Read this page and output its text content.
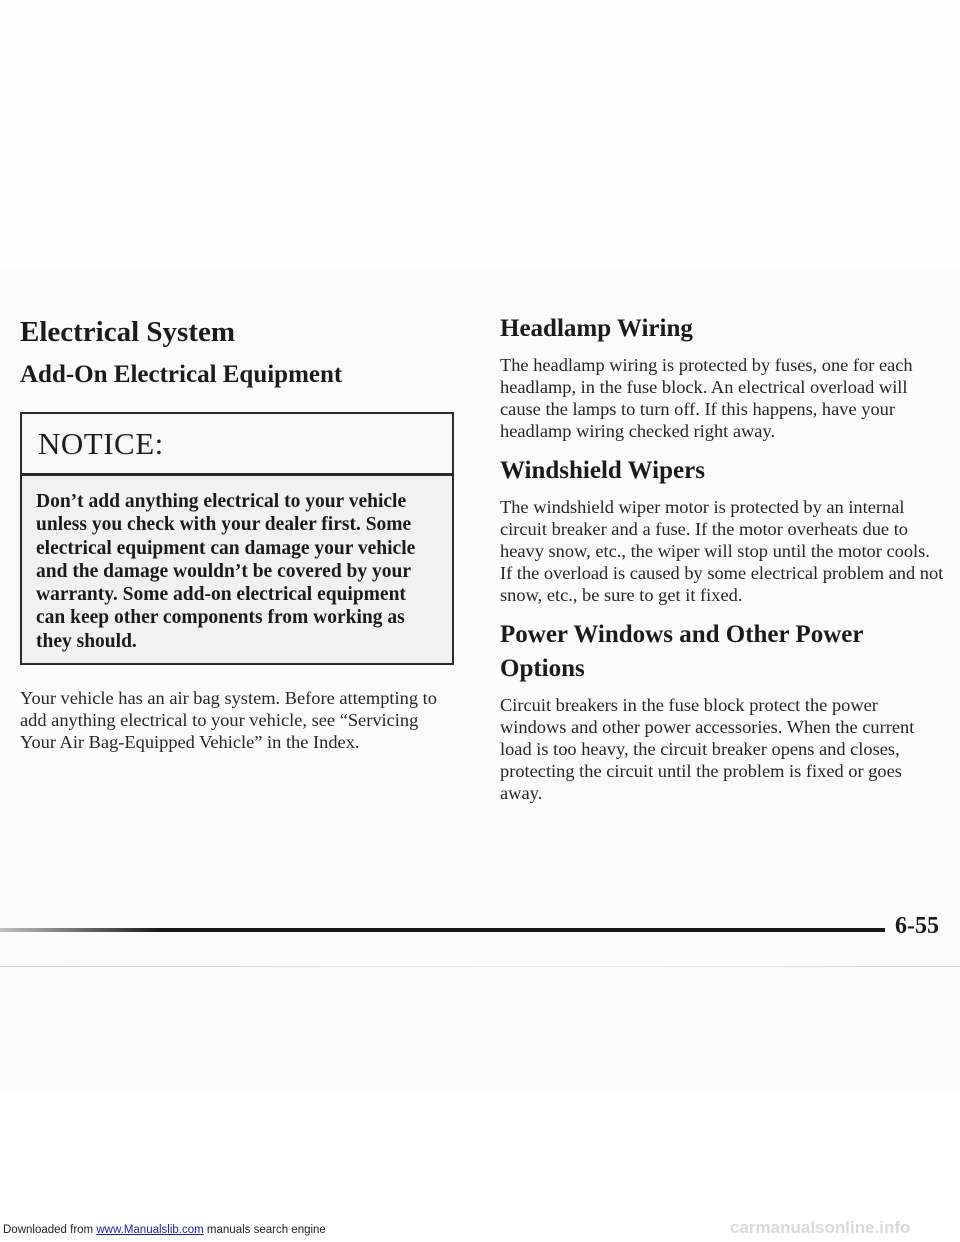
Electrical System
Add-On Electrical Equipment
NOTICE:
Don’t add anything electrical to your vehicle unless you check with your dealer first. Some electrical equipment can damage your vehicle and the damage wouldn’t be covered by your warranty. Some add-on electrical equipment can keep other components from working as they should.

Your vehicle has an air bag system. Before attempting to add anything electrical to your vehicle, see “Servicing Your Air Bag-Equipped Vehicle” in the Index.

Headlamp Wiring

The headlamp wiring is protected by fuses, one for each headlamp, in the fuse block. An electrical overload will cause the lamps to turn off. If this happens, have your headlamp wiring checked right away.

Windshield Wipers

The windshield wiper motor is protected by an internal circuit breaker and a fuse. If the motor overheats due to heavy snow, etc., the wiper will stop until the motor cools. If the overload is caused by some electrical problem and not snow, etc., be sure to get it fixed.

Power Windows and Other Power Options

Circuit breakers in the fuse block protect the power windows and other power accessories. When the current load is too heavy, the circuit breaker opens and closes, protecting the circuit until the problem is fixed or goes away.

6-55
Downloaded from www.Manualslib.com manuals search engine	carmanualsonline.info
